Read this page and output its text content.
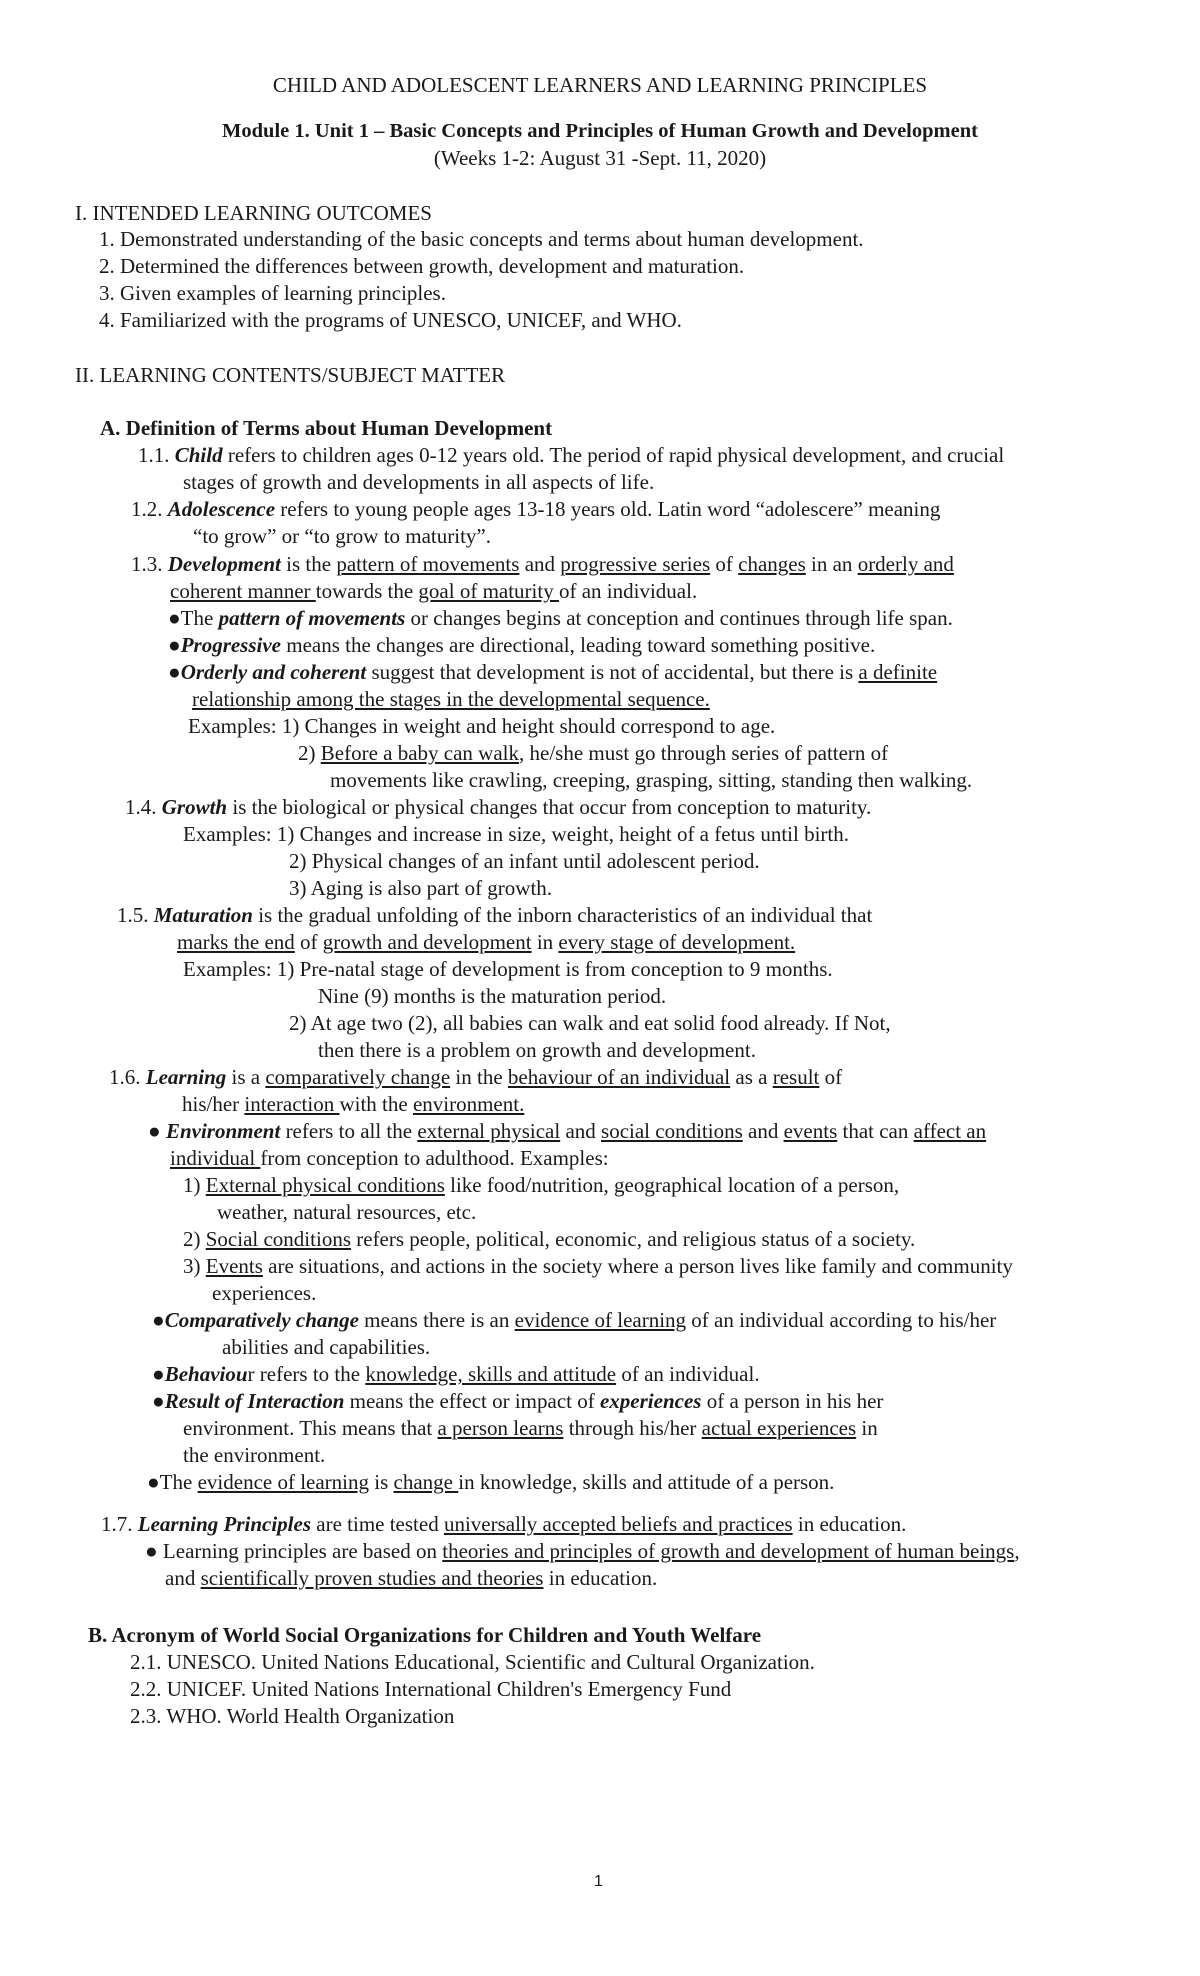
CHILD AND ADOLESCENT LEARNERS AND LEARNING PRINCIPLES
Module 1. Unit 1 – Basic Concepts and Principles of Human Growth and Development
(Weeks 1-2: August 31 -Sept. 11, 2020)
I. INTENDED LEARNING OUTCOMES
1. Demonstrated understanding of the basic concepts and terms about human development.
2. Determined the differences between growth, development and maturation.
3. Given examples of learning principles.
4. Familiarized with the programs of UNESCO, UNICEF, and WHO.
II. LEARNING CONTENTS/SUBJECT MATTER
A. Definition of Terms about Human Development
1.1. Child refers to children ages 0-12 years old. The period of rapid physical development, and crucial
stages of growth and developments in all aspects of life.
1.2. Adolescence refers to young people ages 13-18 years old. Latin word “adolescere” meaning
“to grow” or “to grow to maturity”.
1.3. Development is the pattern of movements and progressive series of changes in an orderly and
coherent manner towards the goal of maturity of an individual.
●The pattern of movements or changes begins at conception and continues through life span.
●Progressive means the changes are directional, leading toward something positive.
●Orderly and coherent suggest that development is not of accidental, but there is a definite
relationship among the stages in the developmental sequence.
Examples: 1) Changes in weight and height should correspond to age.
2) Before a baby can walk, he/she must go through series of pattern of
movements like crawling, creeping, grasping, sitting, standing then walking.
1.4. Growth is the biological or physical changes that occur from conception to maturity.
Examples: 1) Changes and increase in size, weight, height of a fetus until birth.
2) Physical changes of an infant until adolescent period.
3) Aging is also part of growth.
1.5. Maturation is the gradual unfolding of the inborn characteristics of an individual that
marks the end of growth and development in every stage of development.
Examples: 1) Pre-natal stage of development is from conception to 9 months.
Nine (9) months is the maturation period.
2) At age two (2), all babies can walk and eat solid food already. If Not,
then there is a problem on growth and development.
1.6. Learning is a comparatively change in the behaviour of an individual as a result of
his/her interaction with the environment.
● Environment refers to all the external physical and social conditions and events that can affect an
individual from conception to adulthood. Examples:
1) External physical conditions like food/nutrition, geographical location of a person,
weather, natural resources, etc.
2) Social conditions refers people, political, economic, and religious status of a society.
3) Events are situations, and actions in the society where a person lives like family and community
experiences.
●Comparatively change means there is an evidence of learning of an individual according to his/her
abilities and capabilities.
●Behaviour refers to the knowledge, skills and attitude of an individual.
●Result of Interaction means the effect or impact of experiences of a person in his her
environment. This means that a person learns through his/her actual experiences in
the environment.
●The evidence of learning is change in knowledge, skills and attitude of a person.
1.7. Learning Principles are time tested universally accepted beliefs and practices in education.
● Learning principles are based on theories and principles of growth and development of human beings,
and scientifically proven studies and theories in education.
B. Acronym of World Social Organizations for Children and Youth Welfare
2.1. UNESCO. United Nations Educational, Scientific and Cultural Organization.
2.2. UNICEF. United Nations International Children's Emergency Fund
2.3. WHO. World Health Organization
1
